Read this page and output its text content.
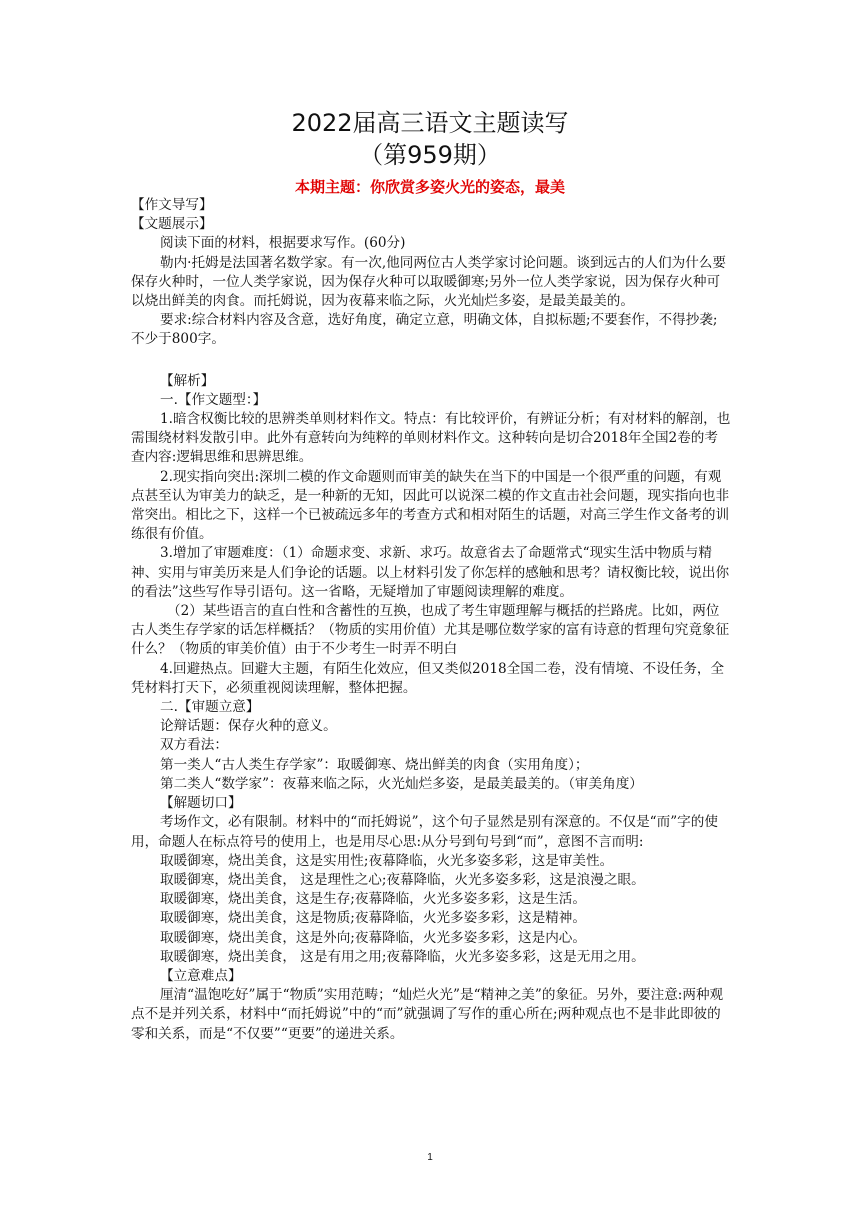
2022届高三语文主题读写
（第959期）
本期主题：你欣赏多姿火光的姿态，最美

【作文导写】

【文题展示】

阅读下面的材料，根据要求写作。(60分)

勒内·托姆是法国著名数学家。有一次,他同两位古人类学家讨论问题。谈到远古的人们为什么要保存火种时，一位人类学家说，因为保存火种可以取暖御寒;另外一位人类学家说，因为保存火种可以烧出鲜美的肉食。而托姆说，因为夜幕来临之际，火光灿烂多姿，是最美最美的。

要求:综合材料内容及含意，选好角度，确定立意，明确文体，自拟标题;不要套作，不得抄袭;不少于800字。

【解析】

一.【作文题型：】

1.暗含权衡比较的思辨类单则材料作文。特点：有比较评价，有辨证分析；有对材料的解剖，也需围绕材料发散引申。此外有意转向为纯粹的单则材料作文。这种转向是切合2018年全国2卷的考查内容:逻辑思维和思辨思维。

2.现实指向突出:深圳二模的作文命题则而审美的缺失在当下的中国是一个很严重的问题，有观点甚至认为审美力的缺乏，是一种新的无知，因此可以说深二模的作文直击社会问题，现实指向也非常突出。相比之下，这样一个已被疏远多年的考查方式和相对陌生的话题，对高三学生作文备考的训练很有价值。

3.增加了审题难度：（1）命题求变、求新、求巧。故意省去了命题常式“现实生活中物质与精神、实用与审美历来是人们争论的话题。以上材料引发了你怎样的感触和思考？请权衡比较，说出你的看法”这些写作导引语句。这一省略，无疑增加了审题阅读理解的难度。

（2）某些语言的直白性和含蓄性的互换，也成了考生审题理解与概括的拦路虎。比如，两位古人类生存学家的话怎样概括？（物质的实用价值）尤其是哪位数学家的富有诗意的哲理句究竟象征什么？（物质的审美价值）由于不少考生一时弄不明白

4.回避热点。回避大主题，有陌生化效应，但又类似2018全国二卷，没有情境、不设任务，全凭材料打天下，必须重视阅读理解，整体把握。

二.【审题立意】

论辩话题：保存火种的意义。

双方看法：

第一类人“古人类生存学家”：取暖御寒、烧出鲜美的肉食（实用角度）；

第二类人“数学家”：夜幕来临之际，火光灿烂多姿，是最美最美的。（审美角度）

【解题切口】

考场作文，必有限制。材料中的“而托姆说”，这个句子显然是别有深意的。不仅是“而”字的使用，命题人在标点符号的使用上，也是用尽心思:从分号到句号到“而”，意图不言而明:

取暖御寒，烧出美食，这是实用性;夜幕降临，火光多姿多彩，这是审美性。

取暖御寒，烧出美食， 这是理性之心;夜幕降临，火光多姿多彩，这是浪漫之眼。

取暖御寒，烧出美食，这是生存;夜幕降临，火光多姿多彩，这是生活。

取暖御寒，烧出美食，这是物质;夜幕降临，火光多姿多彩，这是精神。

取暖御寒，烧出美食，这是外向;夜幕降临，火光多姿多彩，这是内心。

取暖御寒，烧出美食， 这是有用之用;夜幕降临，火光多姿多彩，这是无用之用。

【立意难点】

厘清“温饱吃好”属于“物质”实用范畴；“灿烂火光”是“精神之美”的象征。另外，要注意:两种观点不是并列关系，材料中“而托姆说”中的“而”就强调了写作的重心所在;两种观点也不是非此即彼的零和关系，而是“不仅要”“更要”的递进关系。

1
